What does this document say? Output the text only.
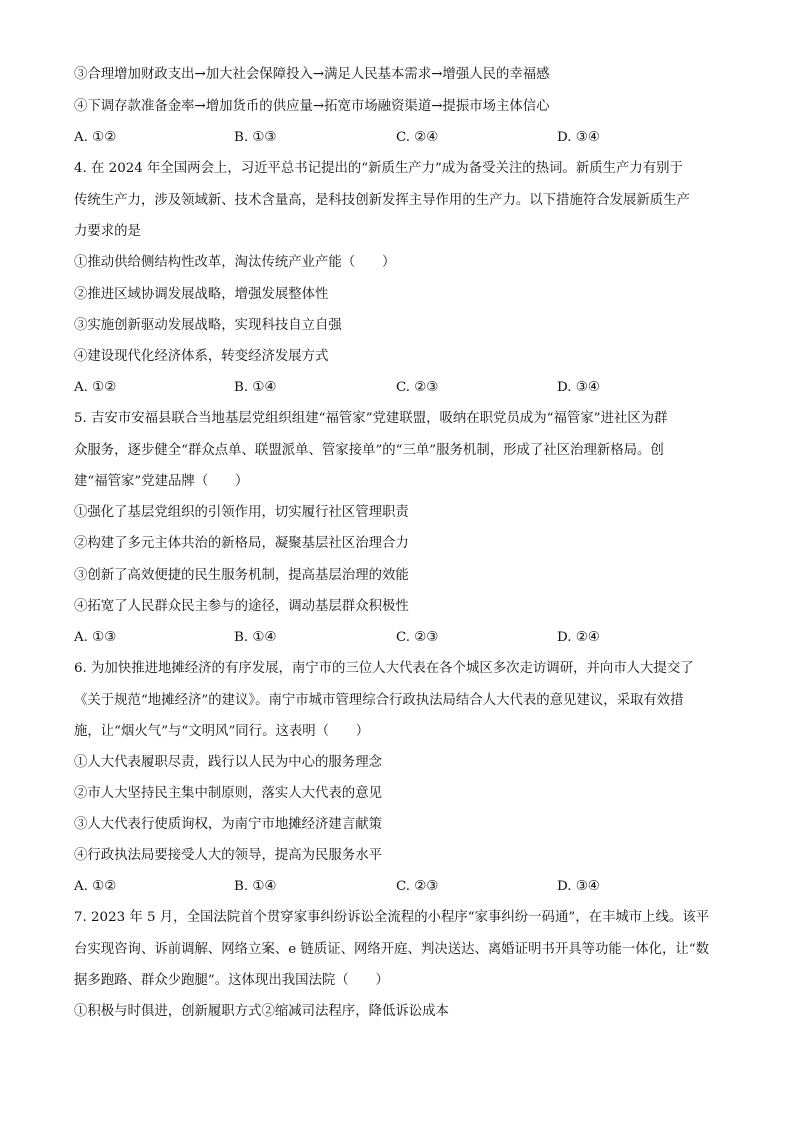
③合理增加财政支出→加大社会保障投入→满足人民基本需求→增强人民的幸福感
④下调存款准备金率→增加货币的供应量→拓宽市场融资渠道→提振市场主体信心
A. ①②	B. ①③	C. ②④	D. ③④
4. 在 2024 年全国两会上，习近平总书记提出的“新质生产力”成为备受关注的热词。新质生产力有别于
传统生产力，涉及领域新、技术含量高，是科技创新发挥主导作用的生产力。以下措施符合发展新质生产
力要求的是
①推动供给侧结构性改革，淘汰传统产业产能（　　）
②推进区域协调发展战略，增强发展整体性
③实施创新驱动发展战略，实现科技自立自强
④建设现代化经济体系，转变经济发展方式
A. ①②	B. ①④	C. ②③	D. ③④
5. 吉安市安福县联合当地基层党组织组建“福管家”党建联盟，吸纳在职党员成为“福管家”进社区为群
众服务，逐步健全“群众点单、联盟派单、管家接单”的“三单”服务机制，形成了社区治理新格局。创
建“福管家”党建品牌（　　）
①强化了基层党组织的引领作用，切实履行社区管理职责
②构建了多元主体共治的新格局，凝聚基层社区治理合力
③创新了高效便捷的民生服务机制，提高基层治理的效能
④拓宽了人民群众民主参与的途径，调动基层群众积极性
A. ①③	B. ①④	C. ②③	D. ②④
6. 为加快推进地摊经济的有序发展，南宁市的三位人大代表在各个城区多次走访调研，并向市人大提交了
《关于规范“地摊经济”的建议》。南宁市城市管理综合行政执法局结合人大代表的意见建议，采取有效措
施，让“烟火气”与“文明风”同行。这表明（　　）
①人大代表履职尽责，践行以人民为中心的服务理念
②市人大坚持民主集中制原则，落实人大代表的意见
③人大代表行使质询权，为南宁市地摊经济建言献策
④行政执法局要接受人大的领导，提高为民服务水平
A. ①②	B. ①④	C. ②③	D. ③④
7. 2023 年 5 月，全国法院首个贯穿家事纠纷诉讼全流程的小程序“家事纠纷一码通”，在丰城市上线。该平
台实现咨询、诉前调解、网络立案、e 链质证、网络开庭、判决送达、离婚证明书开具等功能一体化，让“数
据多跑路、群众少跑腿”。这体现出我国法院（　　）
①积极与时俱进，创新履职方式②缩减司法程序，降低诉讼成本
